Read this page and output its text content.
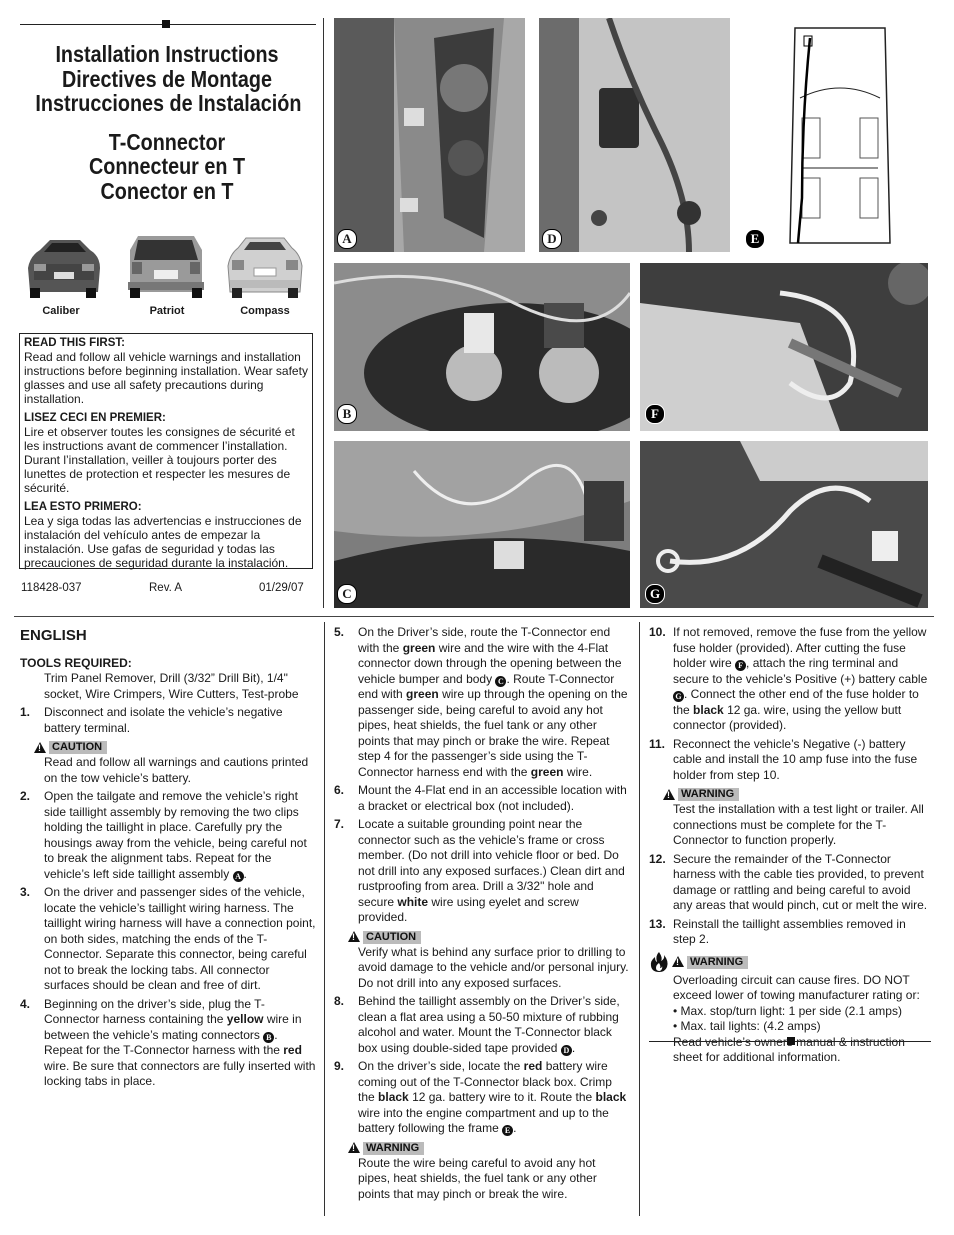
Installation Instructions
Directives de Montage
Instrucciones de Instalación
T-Connector
Connecteur en T
Conector en T
Caliber	Patriot	Compass
READ THIS FIRST:
Read and follow all vehicle warnings and installation instructions before beginning installation. Wear safety glasses and use all safety precautions during installation.
LISEZ CECI EN PREMIER:
Lire et observer toutes les consignes de sécurité et les instructions avant de commencer l’installation. Durant l’installation, veiller à toujours porter des lunettes de protection et respecter les mesures de sécurité.
LEA ESTO PRIMERO:
Lea y siga todas las advertencias e instrucciones de instalación del vehículo antes de empezar la instalación. Use gafas de seguridad y todas las precauciones de seguridad durante la instalación.
118428-037	Rev. A	01/29/07
A	D	E
B	F
C	G
ENGLISH
TOOLS REQUIRED:
Trim Panel Remover, Drill (3/32” Drill Bit), 1/4" socket, Wire Crimpers, Wire Cutters, Test-probe
1. Disconnect and isolate the vehicle’s negative battery terminal.
! CAUTION
Read and follow all warnings and cautions printed on the tow vehicle’s battery.
2. Open the tailgate and remove the vehicle’s right side taillight assembly by removing the two clips holding the taillight in place. Carefully pry the housings away from the vehicle, being careful not to break the alignment tabs. Repeat for the vehicle’s left side taillight assembly A .
3. On the driver and passenger sides of the vehicle, locate the vehicle’s taillight wiring harness. The taillight wiring harness will have a connection point, on both sides, matching the ends of the T-Connector. Separate this connector, being careful not to break the locking tabs. All connector surfaces should be clean and free of dirt.
4. Beginning on the driver’s side, plug the T-Connector harness containing the yellow wire in between the vehicle’s mating connectors B . Repeat for the T-Connector harness with the red wire. Be sure that connectors are fully inserted with locking tabs in place.
5. On the Driver’s side, route the T-Connector end with the green wire and the wire with the 4-Flat connector down through the opening between the vehicle bumper and body C . Route T-Connector end with green wire up through the opening on the passenger side, being careful to avoid any hot pipes, heat shields, the fuel tank or any other points that may pinch or brake the wire. Repeat step 4 for the passenger’s side using the T-Connector harness end with the green wire.
6. Mount the 4-Flat end in an accessible location with a bracket or electrical box (not included).
7. Locate a suitable grounding point near the connector such as the vehicle’s frame or cross member. (Do not drill into vehicle floor or bed. Do not drill into any exposed surfaces.) Clean dirt and rustproofing from area. Drill a 3/32" hole and secure white wire using eyelet and screw provided.
! CAUTION
Verify what is behind any surface prior to drilling to avoid damage to the vehicle and/or personal injury. Do not drill into any exposed surfaces.
8. Behind the taillight assembly on the Driver’s side, clean a flat area using a 50-50 mixture of rubbing alcohol and water. Mount the T-Connector black box using double-sided tape provided D .
9. On the driver’s side, locate the red battery wire coming out of the T-Connector black box. Crimp the black 12 ga. battery wire to it. Route the black wire into the engine compartment and up to the battery following the frame E .
! WARNING
Route the wire being careful to avoid any hot pipes, heat shields, the fuel tank or any other points that may pinch or break the wire.
10. If not removed, remove the fuse from the yellow fuse holder (provided). After cutting the fuse holder wire F , attach the ring terminal and secure to the vehicle’s Positive (+) battery cable G . Connect the other end of the fuse holder to the black 12 ga. wire, using the yellow butt connector (provided).
11. Reconnect the vehicle’s Negative (-) battery cable and install the 10 amp fuse into the fuse holder from step 10.
! WARNING
Test the installation with a test light or trailer. All connections must be complete for the T-Connector to function properly.
12. Secure the remainder of the T-Connector harness with the cable ties provided, to prevent damage or rattling and being careful to avoid any areas that would pinch, cut or melt the wire.
13. Reinstall the taillight assemblies removed in step 2.
! WARNING
Overloading circuit can cause fires. DO NOT exceed lower of towing manufacturer rating or:
• Max. stop/turn light: 1 per side (2.1 amps)
• Max. tail lights: (4.2 amps)
Read vehicle’s owners manual instruction sheet for additional information.
